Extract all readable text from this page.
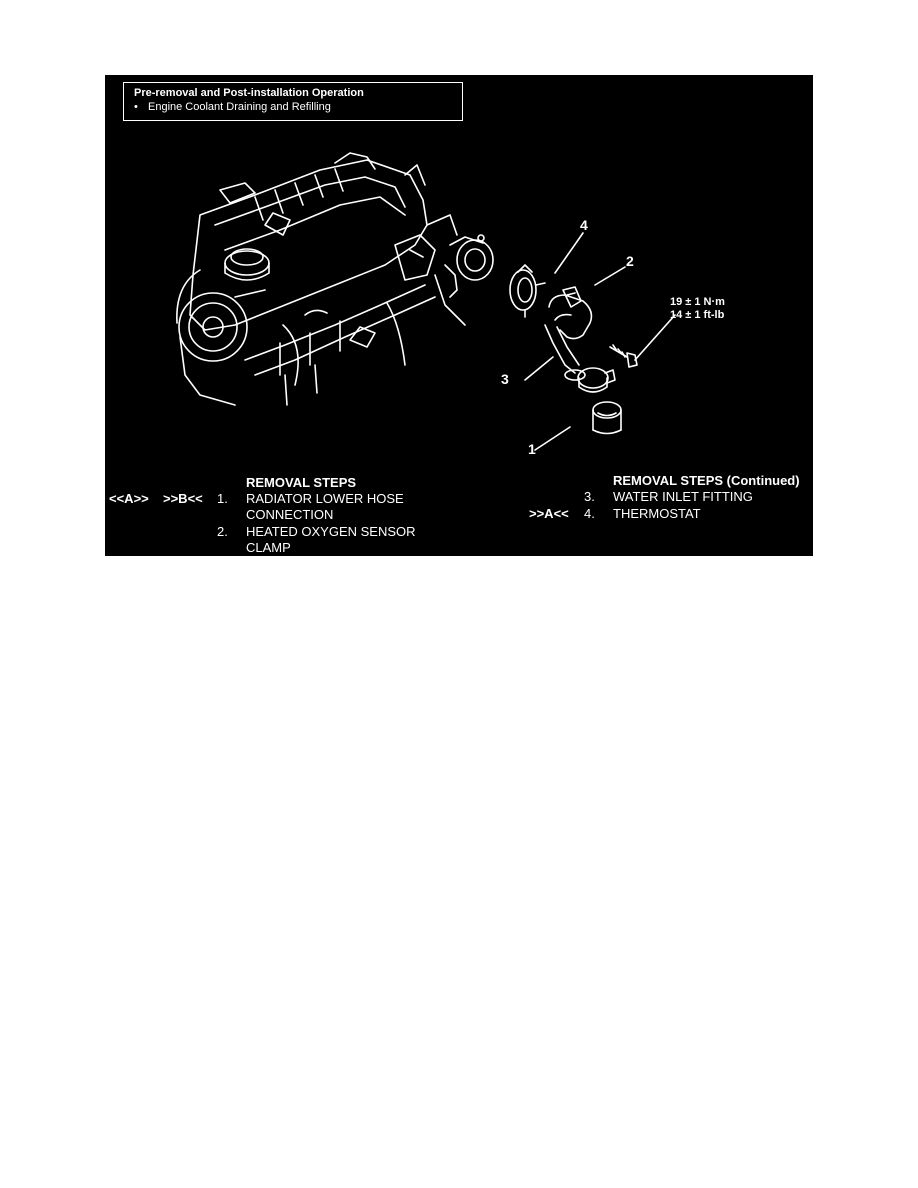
Pre-removal and Post-installation Operation
• Engine Coolant Draining and Refilling
4
2
3
1
19 ± 1 N·m
14 ± 1 ft-lb
REMOVAL STEPS
<<A>> >>B<< 1. RADIATOR LOWER HOSE
CONNECTION
2. HEATED OXYGEN SENSOR
CLAMP
REMOVAL STEPS (Continued)
3. WATER INLET FITTING
>>A<< 4. THERMOSTAT
